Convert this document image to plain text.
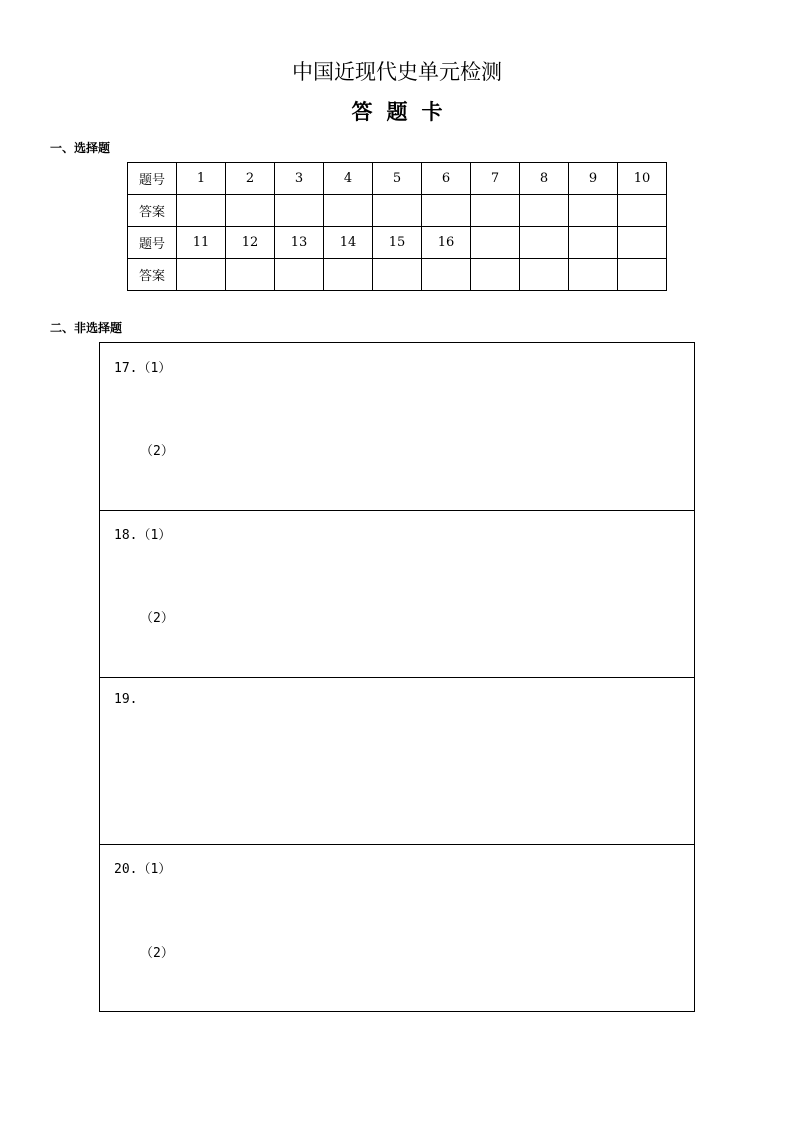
中国近现代史单元检测
答题卡
一、选择题
题号	1	2	3	4	5	6	7	8	9	10
答案										
题号	11	12	13	14	15	16				
答案										
二、非选择题
17.（1）
（2）
18.（1）
（2）
19.
20.（1）
（2）
